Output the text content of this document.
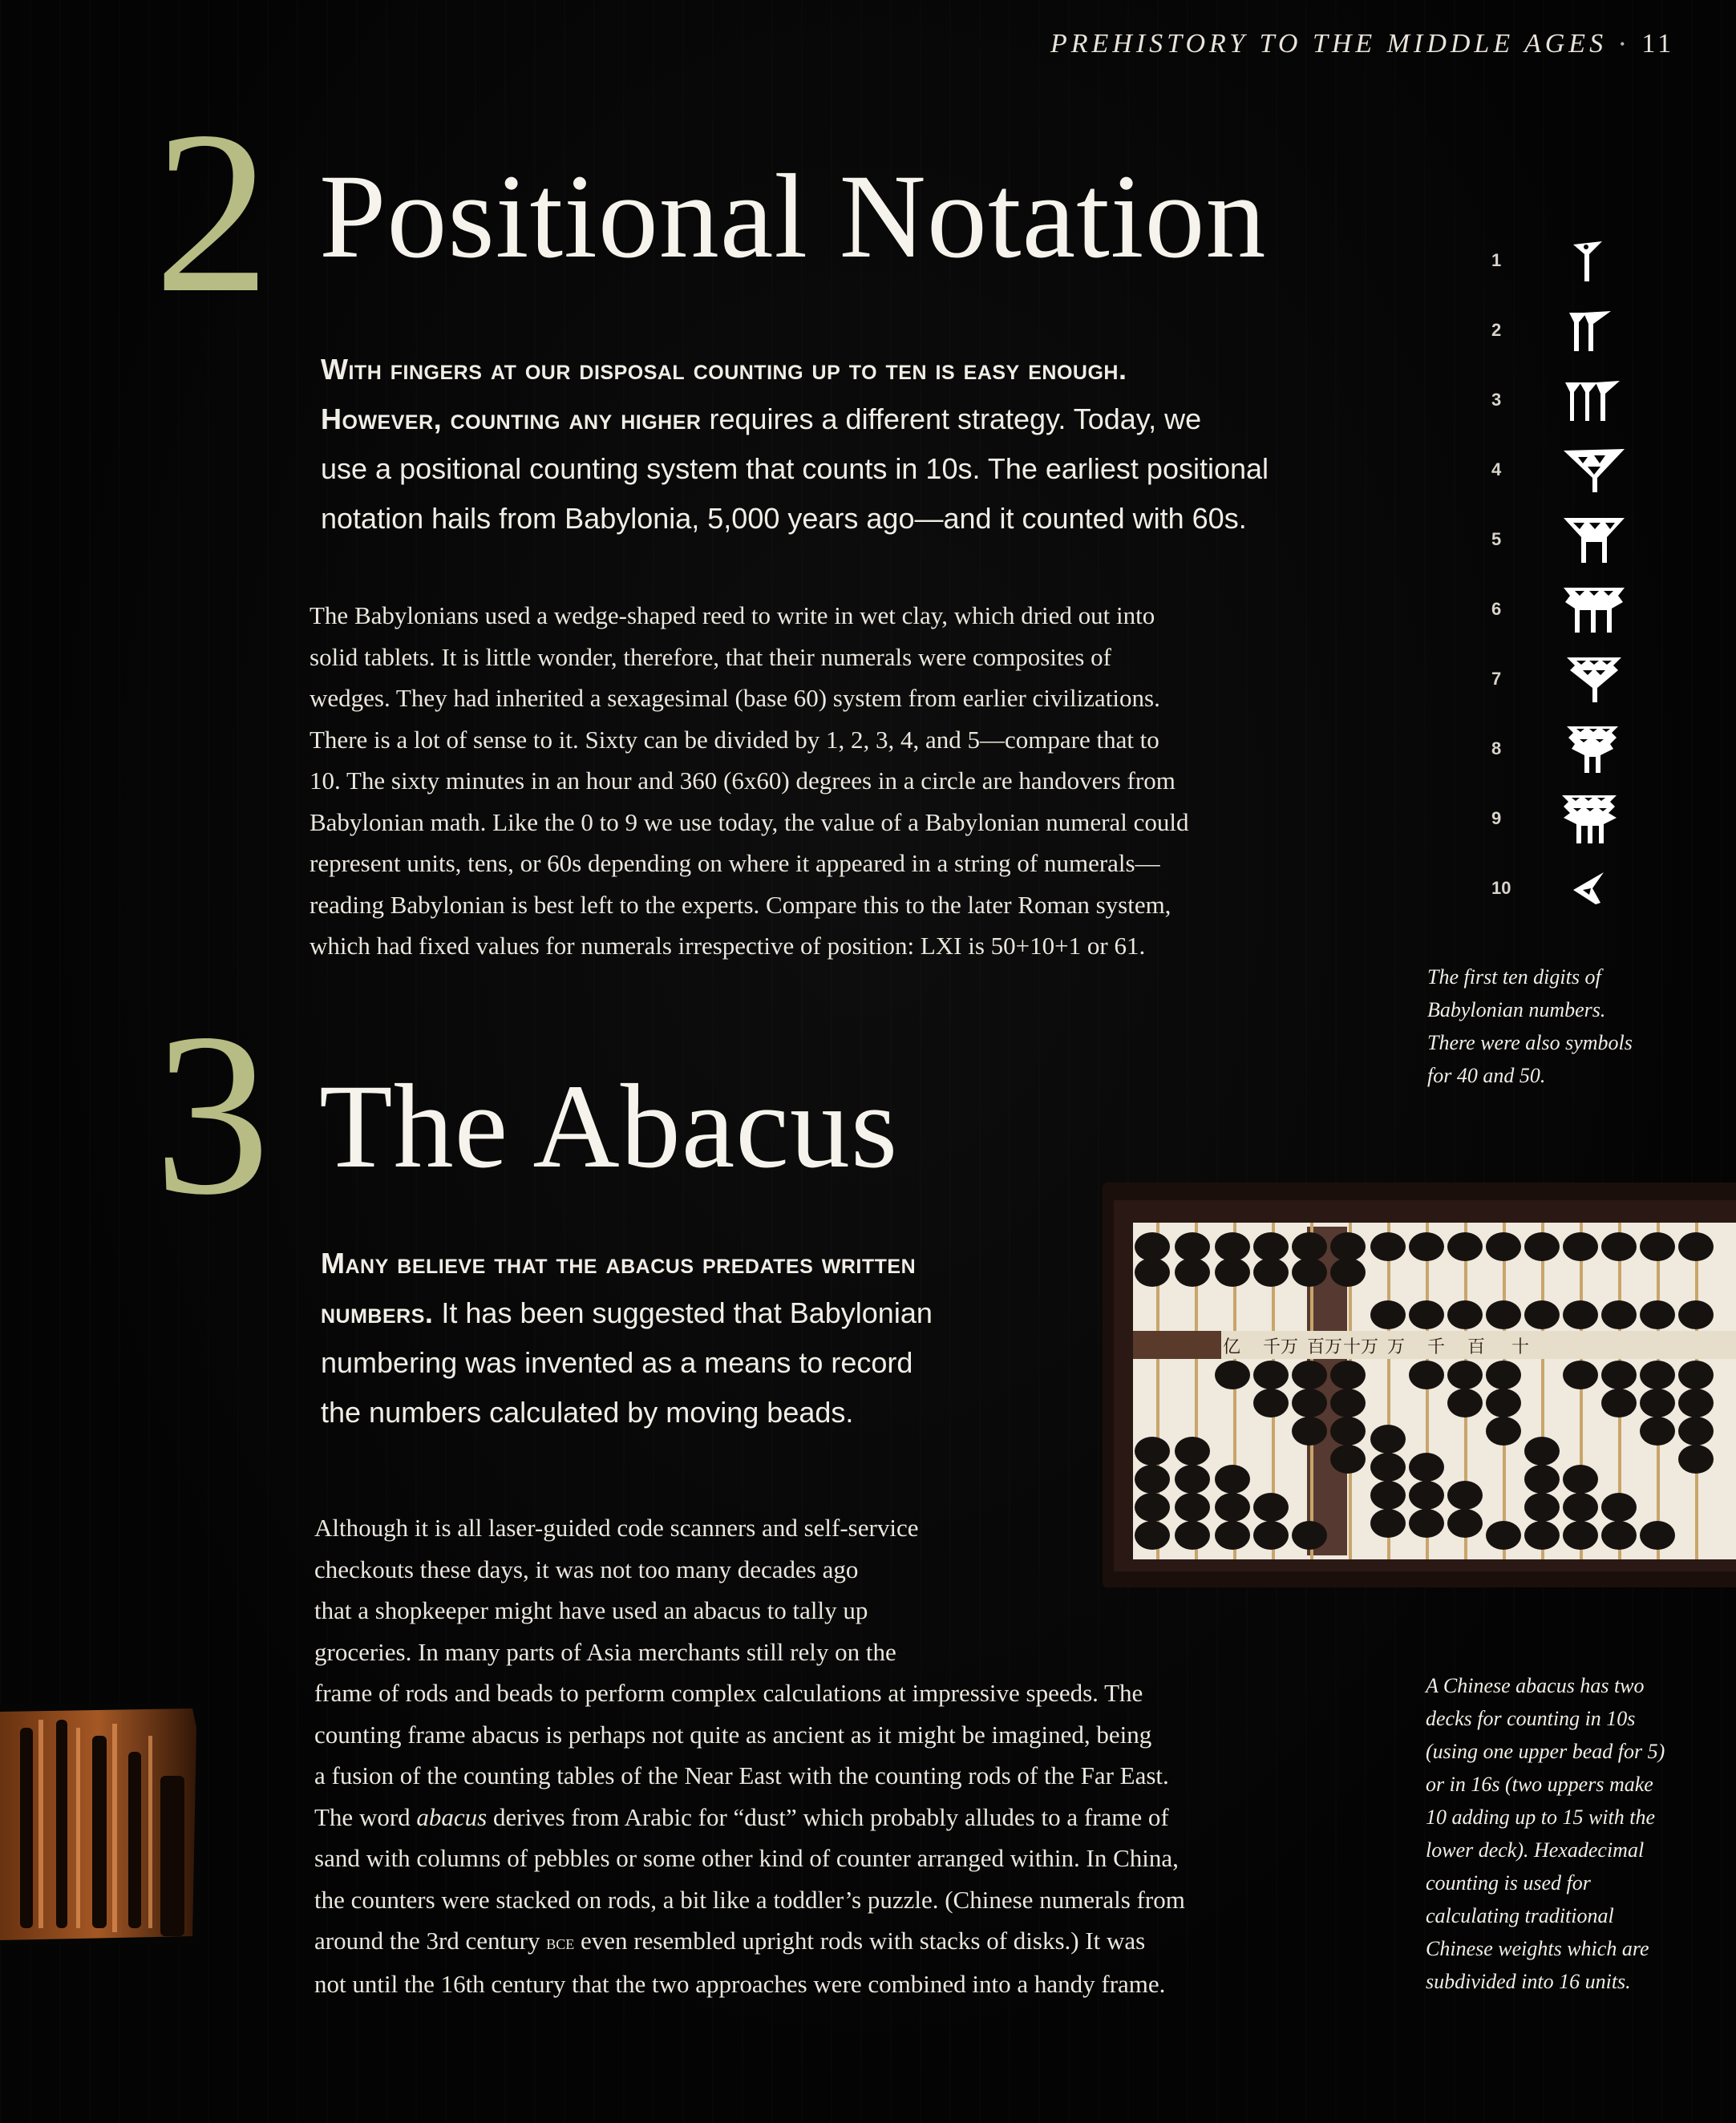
PREHISTORY TO THE MIDDLE AGES • 11
2 Positional Notation
With fingers at our disposal counting up to ten is easy enough.
However, counting any higher requires a different strategy. Today, we
use a positional counting system that counts in 10s. The earliest positional
notation hails from Babylonia, 5,000 years ago—and it counted with 60s.
The Babylonians used a wedge-shaped reed to write in wet clay, which dried out into
solid tablets. It is little wonder, therefore, that their numerals were composites of
wedges. They had inherited a sexagesimal (base 60) system from earlier civilizations.
There is a lot of sense to it. Sixty can be divided by 1, 2, 3, 4, and 5—compare that to
10. The sixty minutes in an hour and 360 (6x60) degrees in a circle are handovers from
Babylonian math. Like the 0 to 9 we use today, the value of a Babylonian numeral could
represent units, tens, or 60s depending on where it appeared in a string of numerals—
reading Babylonian is best left to the experts. Compare this to the later Roman system,
which had fixed values for numerals irrespective of position: LXI is 50+10+1 or 61.
1
2
3
4
5
6
7
8
9
10
The first ten digits of
Babylonian numbers.
There were also symbols
for 40 and 50.
3 The Abacus
Many believe that the abacus predates written
numbers. It has been suggested that Babylonian
numbering was invented as a means to record
the numbers calculated by moving beads.
亿 千万 百万 十万 万 千 百 十
Although it is all laser-guided code scanners and self-service
checkouts these days, it was not too many decades ago
that a shopkeeper might have used an abacus to tally up
groceries. In many parts of Asia merchants still rely on the
frame of rods and beads to perform complex calculations at impressive speeds. The
counting frame abacus is perhaps not quite as ancient as it might be imagined, being
a fusion of the counting tables of the Near East with the counting rods of the Far East.
The word abacus derives from Arabic for “dust” which probably alludes to a frame of
sand with columns of pebbles or some other kind of counter arranged within. In China,
the counters were stacked on rods, a bit like a toddler’s puzzle. (Chinese numerals from
around the 3rd century bce even resembled upright rods with stacks of disks.) It was
not until the 16th century that the two approaches were combined into a handy frame.
A Chinese abacus has two
decks for counting in 10s
(using one upper bead for 5)
or in 16s (two uppers make
10 adding up to 15 with the
lower deck). Hexadecimal
counting is used for
calculating traditional
Chinese weights which are
subdivided into 16 units.
